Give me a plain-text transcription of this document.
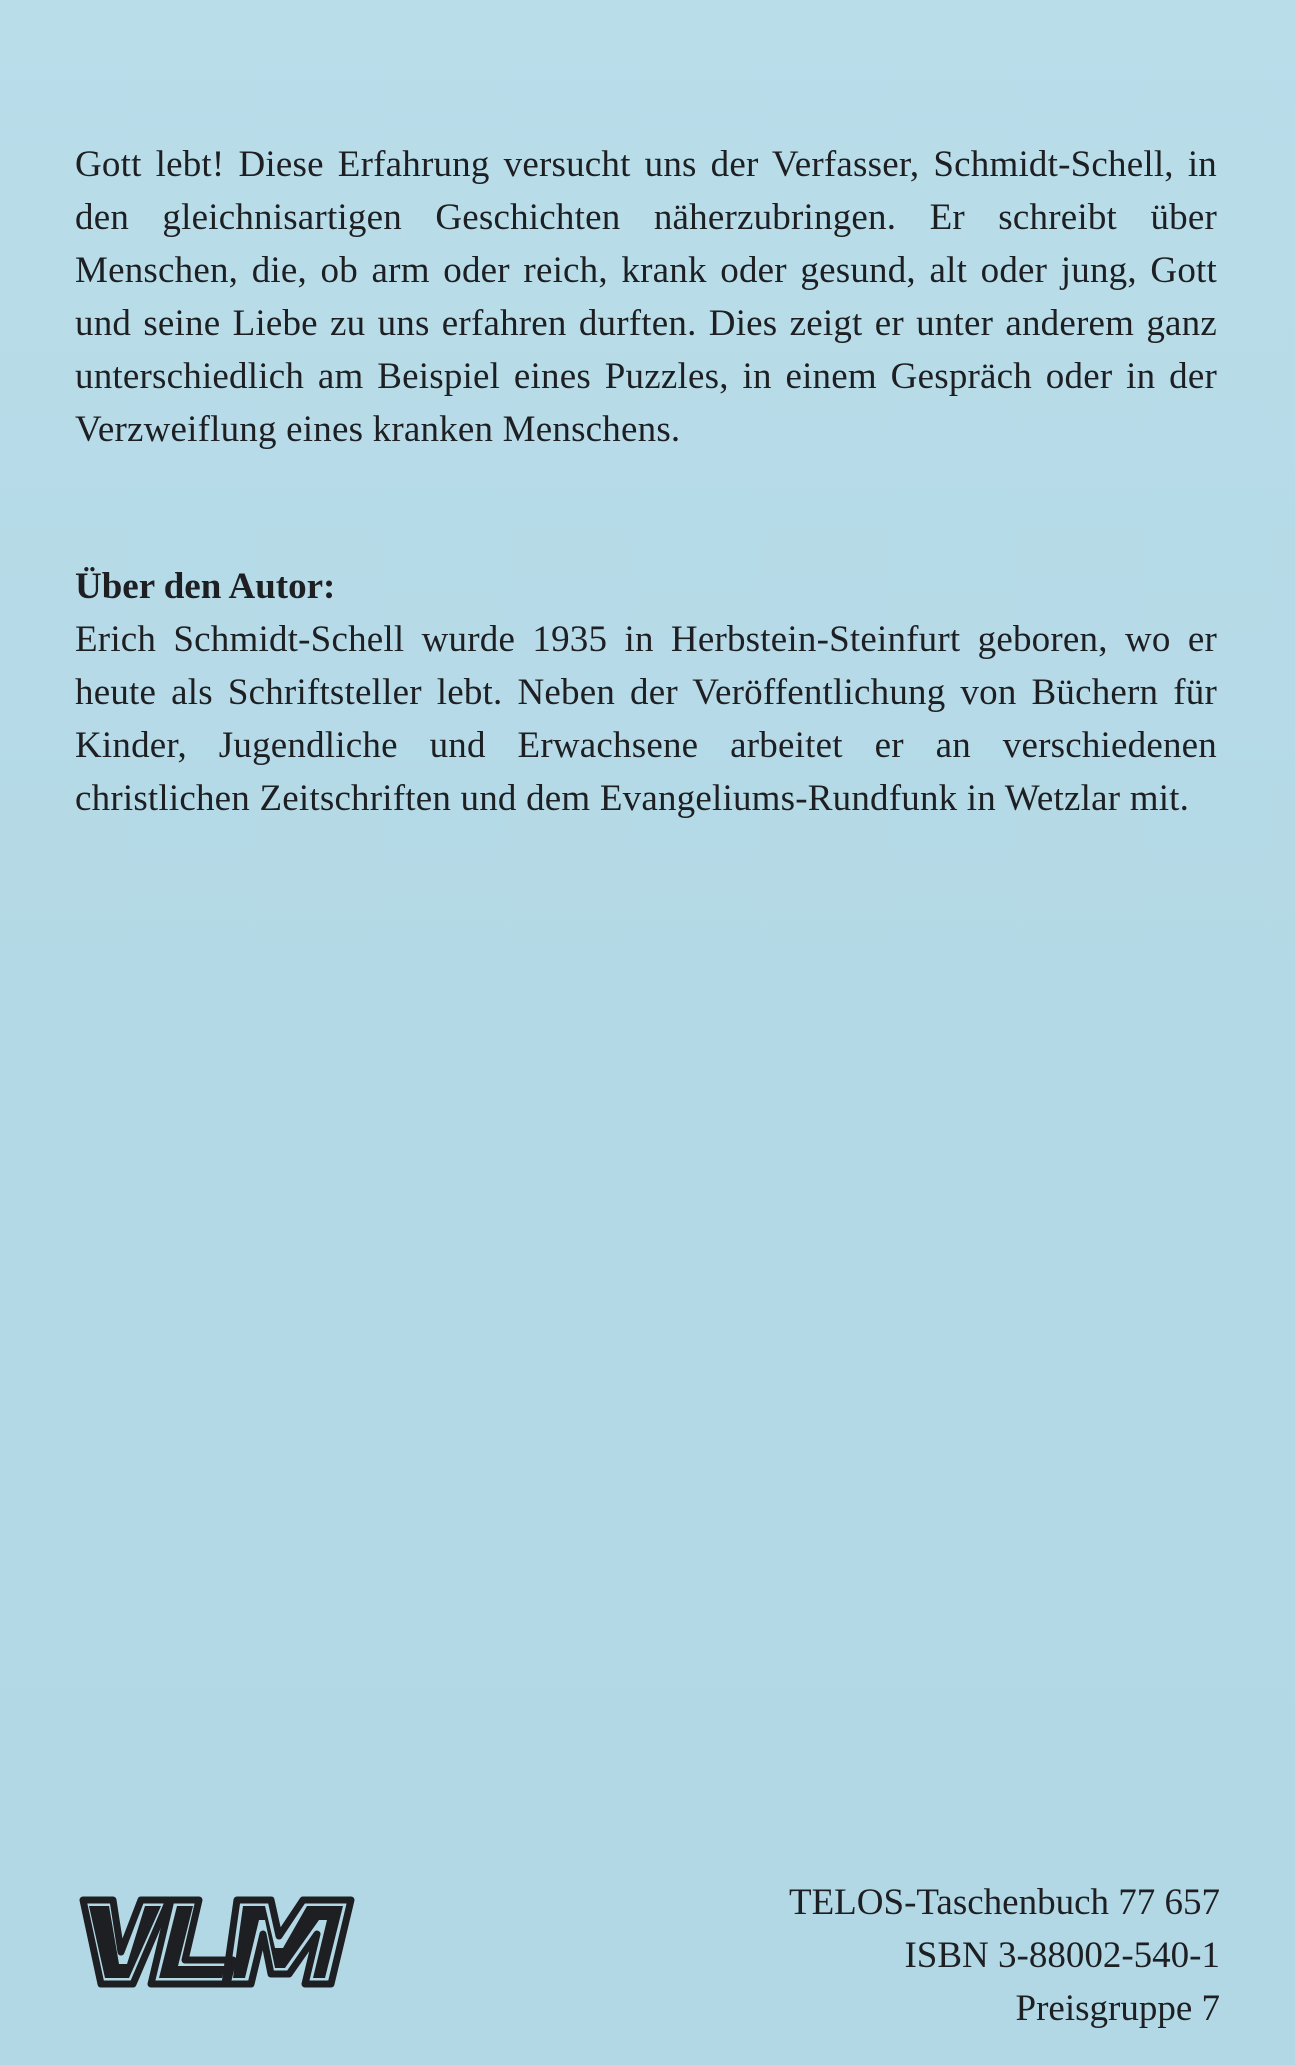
Gott lebt! Diese Erfahrung versucht uns der Verfasser, Schmidt-Schell, in den gleichnisartigen Geschichten näherzubringen. Er schreibt über Menschen, die, ob arm oder reich, krank oder gesund, alt oder jung, Gott und seine Liebe zu uns erfahren durften. Dies zeigt er unter anderem ganz unterschiedlich am Beispiel eines Puzzles, in einem Gespräch oder in der Verzweiflung eines kranken Menschens.

Über den Autor:

Erich Schmidt-Schell wurde 1935 in Herbstein-Steinfurt geboren, wo er heute als Schriftsteller lebt. Neben der Veröffentlichung von Büchern für Kinder, Jugendliche und Erwachsene arbeitet er an verschiedenen christlichen Zeitschriften und dem Evangeliums-Rundfunk in Wetzlar mit.

TELOS-Taschenbuch 77 657
ISBN 3-88002-540-1
Preisgruppe 7
